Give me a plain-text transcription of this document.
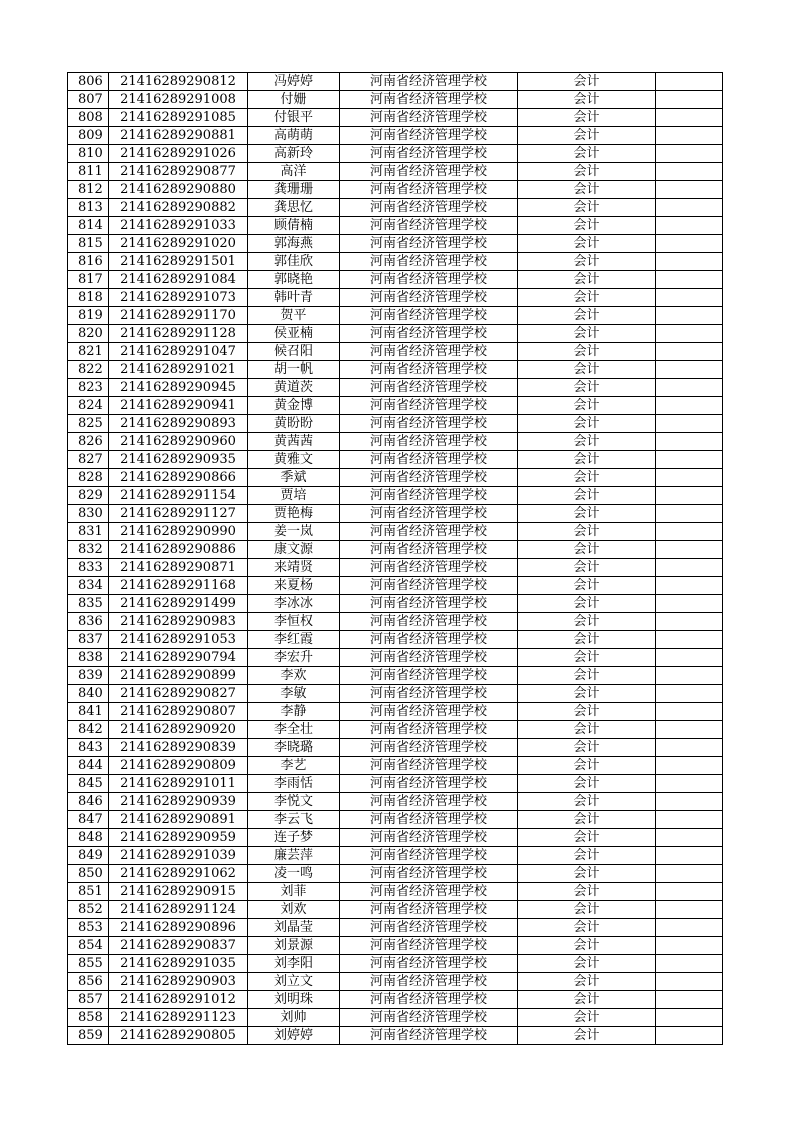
806	21416289290812	冯婷婷	河南省经济管理学校	会计	
807	21416289291008	付姗	河南省经济管理学校	会计	
808	21416289291085	付银平	河南省经济管理学校	会计	
809	21416289290881	高萌萌	河南省经济管理学校	会计	
810	21416289291026	高新玲	河南省经济管理学校	会计	
811	21416289290877	高洋	河南省经济管理学校	会计	
812	21416289290880	龚珊珊	河南省经济管理学校	会计	
813	21416289290882	龚思忆	河南省经济管理学校	会计	
814	21416289291033	顾倩楠	河南省经济管理学校	会计	
815	21416289291020	郭海燕	河南省经济管理学校	会计	
816	21416289291501	郭佳欣	河南省经济管理学校	会计	
817	21416289291084	郭晓艳	河南省经济管理学校	会计	
818	21416289291073	韩叶青	河南省经济管理学校	会计	
819	21416289291170	贺平	河南省经济管理学校	会计	
820	21416289291128	侯亚楠	河南省经济管理学校	会计	
821	21416289291047	候召阳	河南省经济管理学校	会计	
822	21416289291021	胡一帆	河南省经济管理学校	会计	
823	21416289290945	黄道茨	河南省经济管理学校	会计	
824	21416289290941	黄金博	河南省经济管理学校	会计	
825	21416289290893	黄盼盼	河南省经济管理学校	会计	
826	21416289290960	黄茜茜	河南省经济管理学校	会计	
827	21416289290935	黄雅文	河南省经济管理学校	会计	
828	21416289290866	季斌	河南省经济管理学校	会计	
829	21416289291154	贾培	河南省经济管理学校	会计	
830	21416289291127	贾艳梅	河南省经济管理学校	会计	
831	21416289290990	姜一岚	河南省经济管理学校	会计	
832	21416289290886	康文源	河南省经济管理学校	会计	
833	21416289290871	来靖贤	河南省经济管理学校	会计	
834	21416289291168	来夏杨	河南省经济管理学校	会计	
835	21416289291499	李冰冰	河南省经济管理学校	会计	
836	21416289290983	李恒权	河南省经济管理学校	会计	
837	21416289291053	李红霞	河南省经济管理学校	会计	
838	21416289290794	李宏升	河南省经济管理学校	会计	
839	21416289290899	李欢	河南省经济管理学校	会计	
840	21416289290827	李敏	河南省经济管理学校	会计	
841	21416289290807	李静	河南省经济管理学校	会计	
842	21416289290920	李全壮	河南省经济管理学校	会计	
843	21416289290839	李晓璐	河南省经济管理学校	会计	
844	21416289290809	李艺	河南省经济管理学校	会计	
845	21416289291011	李雨恬	河南省经济管理学校	会计	
846	21416289290939	李悦文	河南省经济管理学校	会计	
847	21416289290891	李云飞	河南省经济管理学校	会计	
848	21416289290959	连子梦	河南省经济管理学校	会计	
849	21416289291039	廉芸萍	河南省经济管理学校	会计	
850	21416289291062	凌一鸣	河南省经济管理学校	会计	
851	21416289290915	刘菲	河南省经济管理学校	会计	
852	21416289291124	刘欢	河南省经济管理学校	会计	
853	21416289290896	刘晶莹	河南省经济管理学校	会计	
854	21416289290837	刘景源	河南省经济管理学校	会计	
855	21416289291035	刘李阳	河南省经济管理学校	会计	
856	21416289290903	刘立文	河南省经济管理学校	会计	
857	21416289291012	刘明珠	河南省经济管理学校	会计	
858	21416289291123	刘帅	河南省经济管理学校	会计	
859	21416289290805	刘婷婷	河南省经济管理学校	会计	
